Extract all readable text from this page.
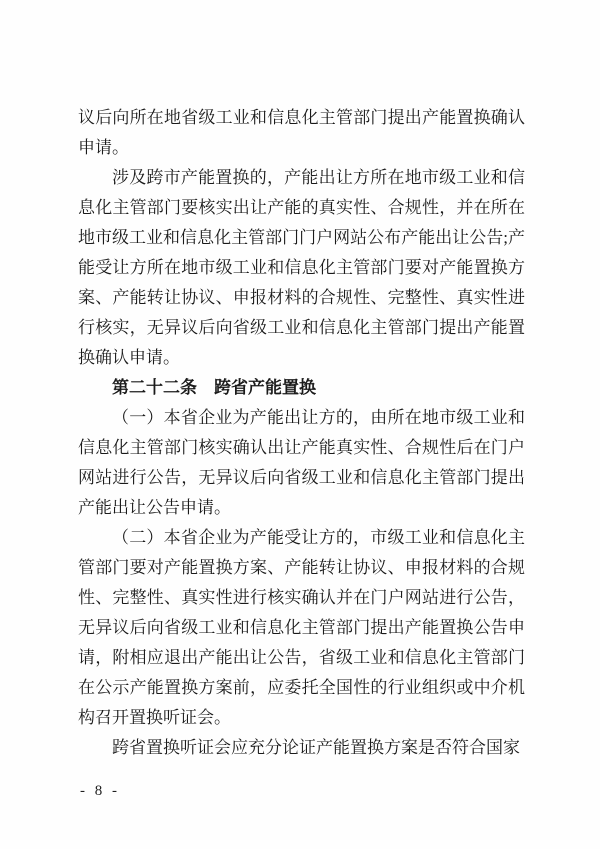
议后向所在地省级工业和信息化主管部门提出产能置换确认申请。

涉及跨市产能置换的，产能出让方所在地市级工业和信息化主管部门要核实出让产能的真实性、合规性，并在所在地市级工业和信息化主管部门门户网站公布产能出让公告;产能受让方所在地市级工业和信息化主管部门要对产能置换方案、产能转让协议、申报材料的合规性、完整性、真实性进行核实，无异议后向省级工业和信息化主管部门提出产能置换确认申请。

第二十二条　跨省产能置换

（一）本省企业为产能出让方的，由所在地市级工业和信息化主管部门核实确认出让产能真实性、合规性后在门户网站进行公告，无异议后向省级工业和信息化主管部门提出产能出让公告申请。

（二）本省企业为产能受让方的，市级工业和信息化主管部门要对产能置换方案、产能转让协议、申报材料的合规性、完整性、真实性进行核实确认并在门户网站进行公告，无异议后向省级工业和信息化主管部门提出产能置换公告申请，附相应退出产能出让公告，省级工业和信息化主管部门在公示产能置换方案前，应委托全国性的行业组织或中介机构召开置换听证会。

跨省置换听证会应充分论证产能置换方案是否符合国家

- 8 -
